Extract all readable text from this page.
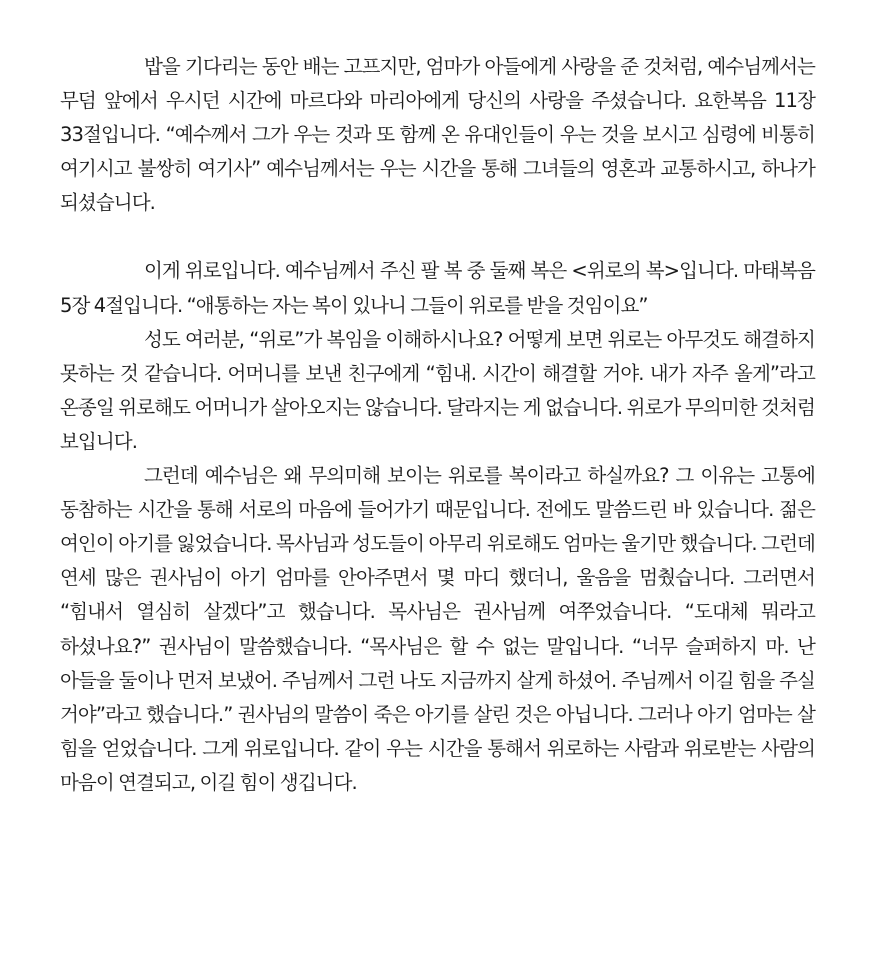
밥을 기다리는 동안 배는 고프지만, 엄마가 아들에게 사랑을 준 것처럼, 예수님께서는 무덤 앞에서 우시던 시간에 마르다와 마리아에게 당신의 사랑을 주셨습니다. 요한복음 11장 33절입니다. “예수께서 그가 우는 것과 또 함께 온 유대인들이 우는 것을 보시고 심령에 비통히 여기시고 불쌍히 여기사” 예수님께서는 우는 시간을 통해 그녀들의 영혼과 교통하시고, 하나가 되셨습니다.

이게 위로입니다. 예수님께서 주신 팔 복 중 둘째 복은 <위로의 복>입니다. 마태복음 5장 4절입니다. “애통하는 자는 복이 있나니 그들이 위로를 받을 것임이요”

성도 여러분, “위로”가 복임을 이해하시나요? 어떻게 보면 위로는 아무것도 해결하지 못하는 것 같습니다. 어머니를 보낸 친구에게 “힘내. 시간이 해결할 거야. 내가 자주 올게”라고 온종일 위로해도 어머니가 살아오지는 않습니다. 달라지는 게 없습니다. 위로가 무의미한 것처럼 보입니다.

그런데 예수님은 왜 무의미해 보이는 위로를 복이라고 하실까요? 그 이유는 고통에 동참하는 시간을 통해 서로의 마음에 들어가기 때문입니다. 전에도 말씀드린 바 있습니다. 젊은 여인이 아기를 잃었습니다. 목사님과 성도들이 아무리 위로해도 엄마는 울기만 했습니다. 그런데 연세 많은 권사님이 아기 엄마를 안아주면서 몇 마디 했더니, 울음을 멈췄습니다. 그러면서 “힘내서 열심히 살겠다”고 했습니다. 목사님은 권사님께 여쭈었습니다. “도대체 뭐라고 하셨나요?” 권사님이 말씀했습니다. “목사님은 할 수 없는 말입니다. “너무 슬퍼하지 마. 난 아들을 둘이나 먼저 보냈어. 주님께서 그런 나도 지금까지 살게 하셨어. 주님께서 이길 힘을 주실 거야”라고 했습니다.” 권사님의 말씀이 죽은 아기를 살린 것은 아닙니다. 그러나 아기 엄마는 살 힘을 얻었습니다. 그게 위로입니다. 같이 우는 시간을 통해서 위로하는 사람과 위로받는 사람의 마음이 연결되고, 이길 힘이 생깁니다.
